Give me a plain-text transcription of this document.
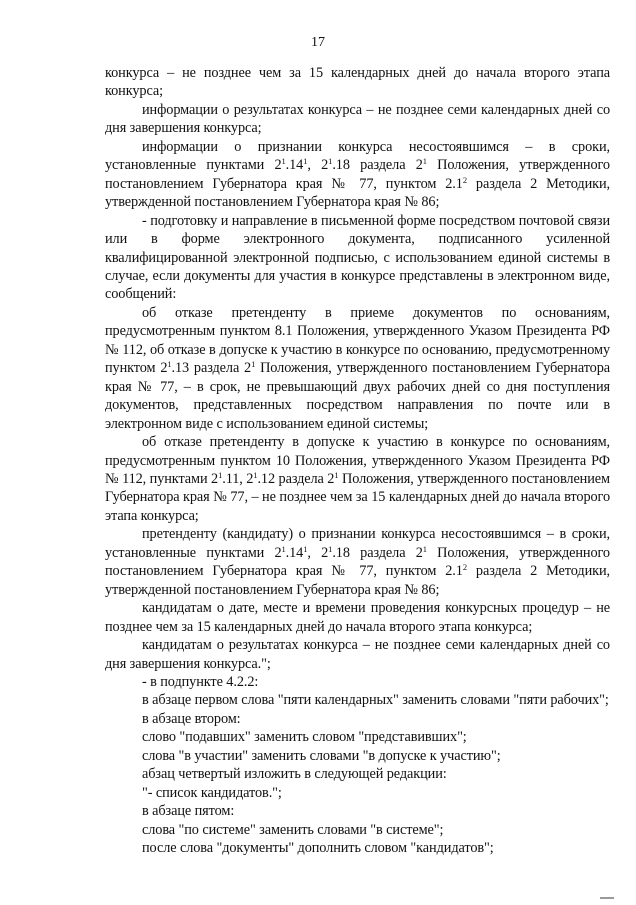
17

конкурса – не позднее чем за 15 календарных дней до начала второго этапа конкурса;

информации о результатах конкурса – не позднее семи календарных дней со дня завершения конкурса;

информации о признании конкурса несостоявшимся – в сроки, установленные пунктами $2^1.14^1$, $2^1.18$ раздела $2^1$ Положения, утвержденного постановлением Губернатора края № 77, пунктом $2.1^2$ раздела 2 Методики, утвержденной постановлением Губернатора края № 86;

- подготовку и направление в письменной форме посредством почтовой связи или в форме электронного документа, подписанного усиленной квалифицированной электронной подписью, с использованием единой системы в случае, если документы для участия в конкурсе представлены в электронном виде, сообщений:

об отказе претенденту в приеме документов по основаниям, предусмотренным пунктом 8.1 Положения, утвержденного Указом Президента РФ № 112, об отказе в допуске к участию в конкурсе по основанию, предусмотренному пунктом $2^1.13$ раздела $2^1$ Положения, утвержденного постановлением Губернатора края № 77, – в срок, не превышающий двух рабочих дней со дня поступления документов, представленных посредством направления по почте или в электронном виде с использованием единой системы;

об отказе претенденту в допуске к участию в конкурсе по основаниям, предусмотренным пунктом 10 Положения, утвержденного Указом Президента РФ № 112, пунктами $2^1.11$, $2^1.12$ раздела $2^1$ Положения, утвержденного постановлением Губернатора края № 77, – не позднее чем за 15 календарных дней до начала второго этапа конкурса;

претенденту (кандидату) о признании конкурса несостоявшимся – в сроки, установленные пунктами $2^1.14^1$, $2^1.18$ раздела $2^1$ Положения, утвержденного постановлением Губернатора края № 77, пунктом $2.1^2$ раздела 2 Методики, утвержденной постановлением Губернатора края № 86;

кандидатам о дате, месте и времени проведения конкурсных процедур – не позднее чем за 15 календарных дней до начала второго этапа конкурса;

кандидатам о результатах конкурса – не позднее семи календарных дней со дня завершения конкурса.";

- в подпункте 4.2.2:

в абзаце первом слова "пяти календарных" заменить словами "пяти рабочих";

в абзаце втором:

слово "подавших" заменить словом "представивших";

слова "в участии" заменить словами "в допуске к участию";

абзац четвертый изложить в следующей редакции:

"- список кандидатов.";

в абзаце пятом:

слова "по системе" заменить словами "в системе";

после слова "документы" дополнить словом "кандидатов";
